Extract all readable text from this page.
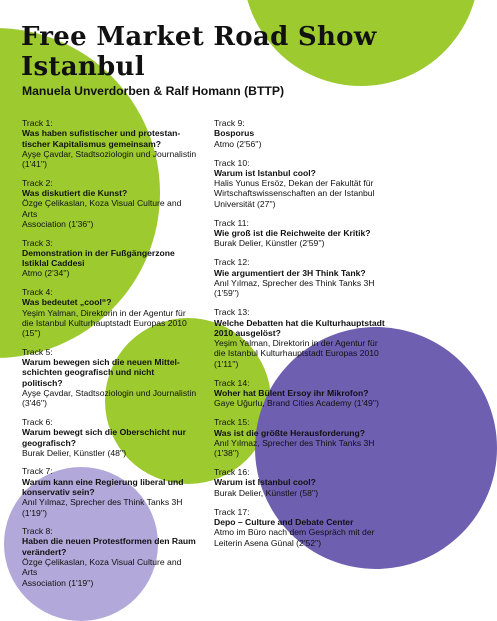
Free Market Road Show Istanbul
Manuela Unverdorben & Ralf Homann (BTTP)
Track 1:
Was haben sufistischer und protestan-
tischer Kapitalismus gemeinsam?
Ayşe Çavdar, Stadtsoziologin und Journalistin
(1'41'')
Track 2:
Was diskutiert die Kunst?
Özge Çelikaslan, Koza Visual Culture and Arts
Association (1'36'')
Track 3:
Demonstration in der Fußgängerzone
Istiklal Caddesi
Atmo (2'34'')
Track 4:
Was bedeutet „cool“?
Yeşim Yalman, Direktorin in der Agentur für
die Istanbul Kulturhauptstadt Europas 2010
(15'')
Track 5:
Warum bewegen sich die neuen Mittel-
schichten geografisch und nicht politisch?
Ayşe Çavdar, Stadtsoziologin und Journalistin
(3'46'')
Track 6:
Warum bewegt sich die Oberschicht nur
geografisch?
Burak Delier, Künstler (48'')
Track 7:
Warum kann eine Regierung liberal und
konservativ sein?
Anıl Yılmaz, Sprecher des Think Tanks 3H
(1'19'')
Track 8:
Haben die neuen Protestformen den Raum
verändert?
Özge Çelikaslan, Koza Visual Culture and Arts
Association (1'19'')
Track 9:
Bosporus
Atmo (2'56'')
Track 10:
Warum ist Istanbul cool?
Halis Yunus Ersöz, Dekan der Fakultät für
Wirtschaftswissenschaften an der Istanbul
Universität (27'')
Track 11:
Wie groß ist die Reichweite der Kritik?
Burak Delier, Künstler (2'59'')
Track 12:
Wie argumentiert der 3H Think Tank?
Anıl Yılmaz, Sprecher des Think Tanks 3H
(1'59'')
Track 13:
Welche Debatten hat die Kulturhauptstadt
2010 ausgelöst?
Yeşim Yalman, Direktorin in der Agentur für
die Istanbul Kulturhauptstadt Europas 2010
(1'11'')
Track 14:
Woher hat Bülent Ersoy ihr Mikrofon?
Gaye Uğurlu, Brand Cities Academy (1'49'')
Track 15:
Was ist die größte Herausforderung?
Anıl Yılmaz, Sprecher des Think Tanks 3H
(1'38'')
Track 16:
Warum ist Istanbul cool?
Burak Delier, Künstler (58'')
Track 17:
Depo – Culture and Debate Center
Atmo im Büro nach dem Gespräch mit der
Leiterin Asena Günal (2'52'')
